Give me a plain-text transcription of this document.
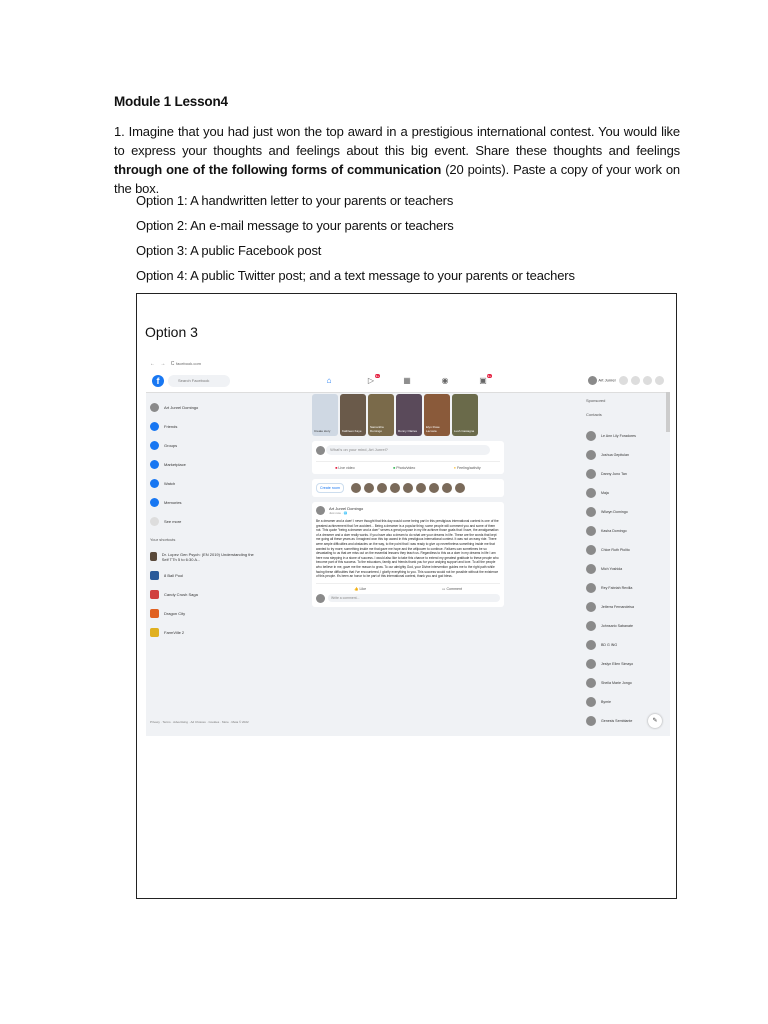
Module 1 Lesson4
1. Imagine that you had just won the top award in a prestigious international contest. You would like to express your thoughts and feelings about this big event. Share these thoughts and feelings through one of the following forms of communication (20 points). Paste a copy of your work on the box.
Option 1: A handwritten letter to your parents or teachers
Option 2: An e-mail message to your parents or teachers
Option 3: A public Facebook post
Option 4: A public Twitter post; and a text message to your parents or teachers
Option 3
← → C facebook.com
f	Search Facebook	⌂	▷ 9+	▦	◉	▣ 9+
Art Junrel
Art Junrel Domingo
Friends
Groups
Marketplace
Watch
Memories
See more
Your shortcuts
Dr. Lopez Gen Psych: (EN 2019) Understanding the Self TTh 5 to 6:30 A...
8 Ball Pool
Candy Crush Saga
Dragon City
FarmVille 2
Privacy · Terms · Advertising · Ad Choices · Cookies · More · Meta © 2022
Create story	Kathleen Kaye
Samantha Domingo	Ronny Olaires
Elyn Rose Lacosta	Lush Castagna
What's on your mind, Art Junrel?
■ Live video	■ Photo/video	● Feeling/activity
Create room
Art Junrel Domingo
Just now · 🌐
Be a dreamer and a doer! I never thought that this day would come being part in this prestigious international contest is one of the greatest achievement that I've accident... Being a dreamer is a popular thing; some people will comment you and some of them not. This quote "being a dreamer and a doer" serves a great purpose in my life achieve those goals that I have, the amalgamation of a dreamer and a doer really works. If you have also a dream to do what are your dreams in life. These are the words that kept me going all these years as I imagined won this top award in this prestigious international contest. It was not an easy ride. There were ample difficulties and obstacles on the way, to the point that I was ready to give up nevertheless something inside me that wanted to try more; something inside me that gave me hope and the willpower to continue. Failures can sometimes be so devastating to us that we miss out on the essential lessons they teach us. Regardless to this as a doer in my dreams in life I am here now stepping in a stone of success. I would also like to take this chance to extend my greatest gratitude to these people who become part of this success. To the educators, family and friends thank you for your undying support and love. To all the people who believe in me, gave me the reason to grow. To our almighty God, your Divine intervention guides me to the right path while facing these difficulties that I've encountered, I glorify everything to you. This success would not be possible without the existence of this people. It's been an honor to be part of this international contest, thank you and god bless.
👍 Like	▭ Comment
Write a comment...
Sponsored
Contacts
Le Ann Lily Foradores
Joshua Gepitulan
Danny Juno Tan
Maja
Wilwyn Domingo
Kasha Domingo
Chloe Ruth Piolito
Mich Yoshida
Rey Fabriah Revilla
Jetlerra Fernandeisa
Johnsario Sabanate
BD G ING
Jeslyn Ellen Simayo
Sheila Marie Jongo
Bymie
Genesis Semblante	✎
